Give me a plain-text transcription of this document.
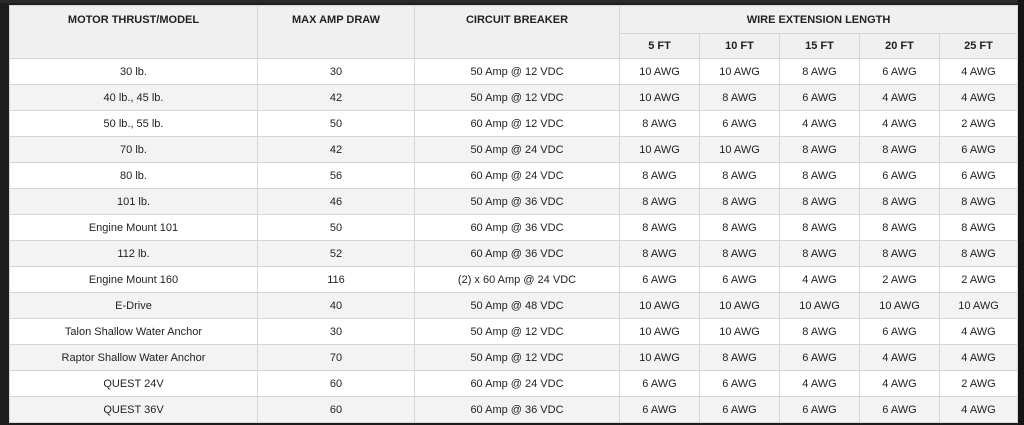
MOTOR THRUST/MODEL	MAX AMP DRAW	CIRCUIT BREAKER	WIRE EXTENSION LENGTH				
			5 FT	10 FT	15 FT	20 FT	25 FT
30 lb.	30	50 Amp @ 12 VDC	10 AWG	10 AWG	8 AWG	6 AWG	4 AWG
40 lb., 45 lb.	42	50 Amp @ 12 VDC	10 AWG	8 AWG	6 AWG	4 AWG	4 AWG
50 lb., 55 lb.	50	60 Amp @ 12 VDC	8 AWG	6 AWG	4 AWG	4 AWG	2 AWG
70 lb.	42	50 Amp @ 24 VDC	10 AWG	10 AWG	8 AWG	8 AWG	6 AWG
80 lb.	56	60 Amp @ 24 VDC	8 AWG	8 AWG	8 AWG	6 AWG	6 AWG
101 lb.	46	50 Amp @ 36 VDC	8 AWG	8 AWG	8 AWG	8 AWG	8 AWG
Engine Mount 101	50	60 Amp @ 36 VDC	8 AWG	8 AWG	8 AWG	8 AWG	8 AWG
112 lb.	52	60 Amp @ 36 VDC	8 AWG	8 AWG	8 AWG	8 AWG	8 AWG
Engine Mount 160	116	(2) x 60 Amp @ 24 VDC	6 AWG	6 AWG	4 AWG	2 AWG	2 AWG
E-Drive	40	50 Amp @ 48 VDC	10 AWG	10 AWG	10 AWG	10 AWG	10 AWG
Talon Shallow Water Anchor	30	50 Amp @ 12 VDC	10 AWG	10 AWG	8 AWG	6 AWG	4 AWG
Raptor Shallow Water Anchor	70	50 Amp @ 12 VDC	10 AWG	8 AWG	6 AWG	4 AWG	4 AWG
QUEST 24V	60	60 Amp @ 24 VDC	6 AWG	6 AWG	4 AWG	4 AWG	2 AWG
QUEST 36V	60	60 Amp @ 36 VDC	6 AWG	6 AWG	6 AWG	6 AWG	4 AWG
